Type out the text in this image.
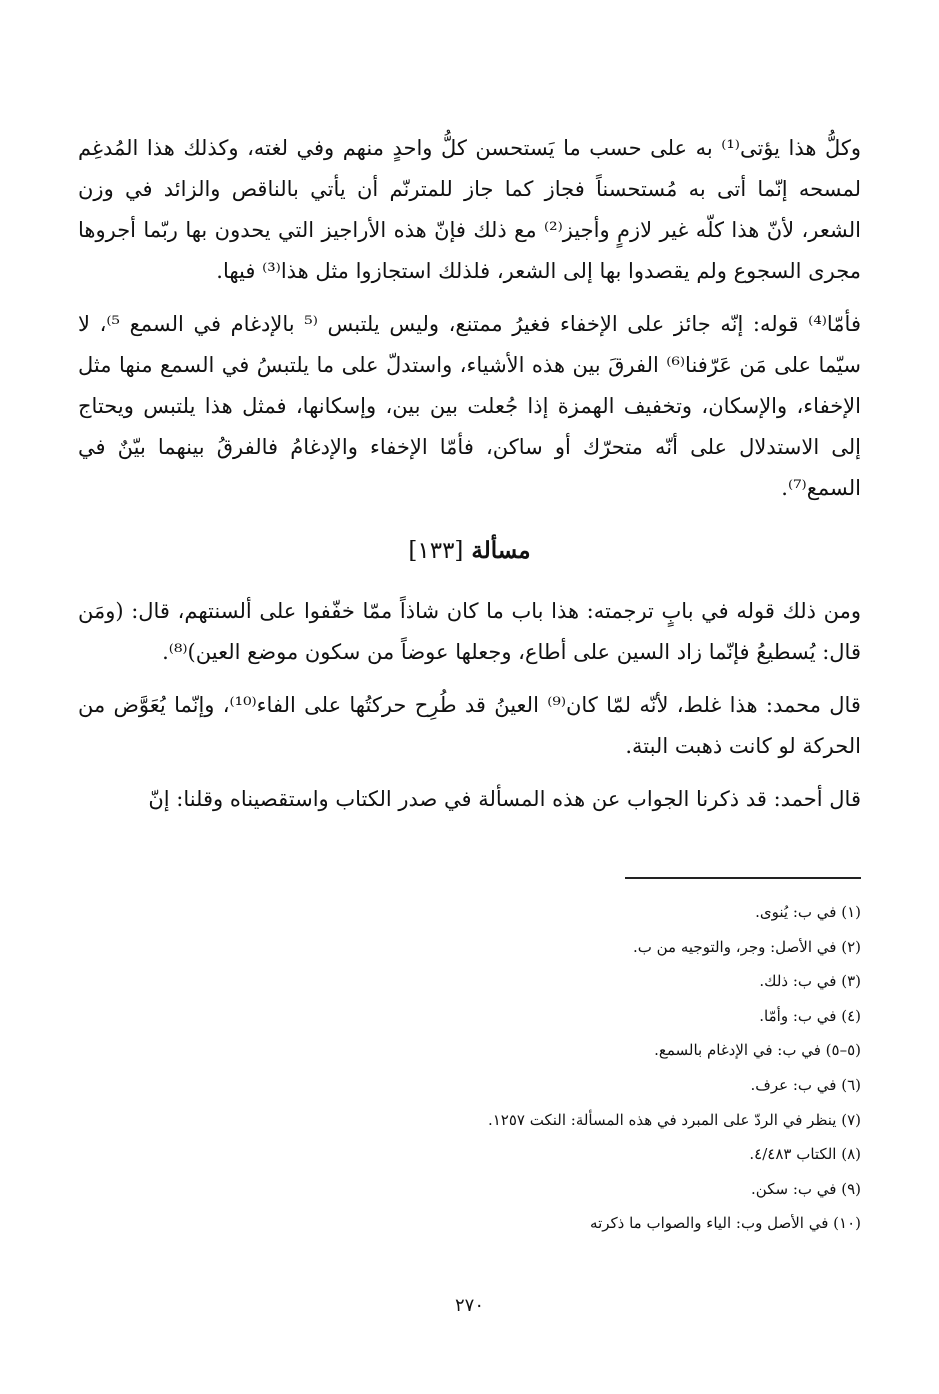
وكلُّ هذا يؤتى⁽¹⁾ به على حسب ما يَستحسن كلُّ واحدٍ منهم وفي لغته، وكذلك هذا المُدغِم لمسحه إنّما أتى به مُستحسناً فجاز كما جاز للمترنّم أن يأتي بالناقص والزائد في وزن الشعر، لأنّ هذا كلّه غير لازمٍ وأجيز⁽²⁾ مع ذلك فإنّ هذه الأراجيز التي يحدون بها ربّما أجروها مجرى السجوع ولم يقصدوا بها إلى الشعر، فلذلك استجازوا مثل هذا⁽³⁾ فيها.

فأمّا⁽⁴⁾ قوله: إنّه جائز على الإخفاء فغيرُ ممتنع، وليس يلتبس ⁽⁵ بالإدغام في السمع ⁵⁾، لا سيّما على مَن عَرّفنا⁽⁶⁾ الفرقَ بين هذه الأشياء، واستدلّ على ما يلتبسُ في السمع منها مثل الإخفاء، والإسكان، وتخفيف الهمزة إذا جُعلت بين بين، وإسكانها، فمثل هذا يلتبس ويحتاج إلى الاستدلال على أنّه متحرّك أو ساكن، فأمّا الإخفاء والإدغامُ فالفرقُ بينهما بيّنٌ في السمع⁽⁷⁾.

مسألة [١٣٣]

ومن ذلك قوله في بابٍ ترجمته: هذا باب ما كان شاذاً ممّا خفّفوا على ألسنتهم، قال: (ومَن قال: يُسطيعُ فإنّما زاد السين على أطاع، وجعلها عوضاً من سكون موضع العين)⁽⁸⁾.

قال محمد: هذا غلط، لأنّه لمّا كان⁽⁹⁾ العينُ قد طُرِح حركتُها على الفاء⁽¹⁰⁾، وإنّما يُعَوَّض من الحركة لو كانت ذهبت البتة.

قال أحمد: قد ذكرنا الجواب عن هذه المسألة في صدر الكتاب واستقصيناه وقلنا: إنّ

(١) في ب: يُنوى.
(٢) في الأصل: وجر، والتوجيه من ب.
(٣) في ب: ذلك.
(٤) في ب: وأمّا.
(٥–٥) في ب: في الإدغام بالسمع.
(٦) في ب: عرف.
(٧) ينظر في الردّ على المبرد في هذه المسألة: النكت ١٢٥٧.
(٨) الكتاب ٤/٤٨٣.
(٩) في ب: سكن.
(١٠) في الأصل وب: الياء والصواب ما ذكرته
٢٧٠
